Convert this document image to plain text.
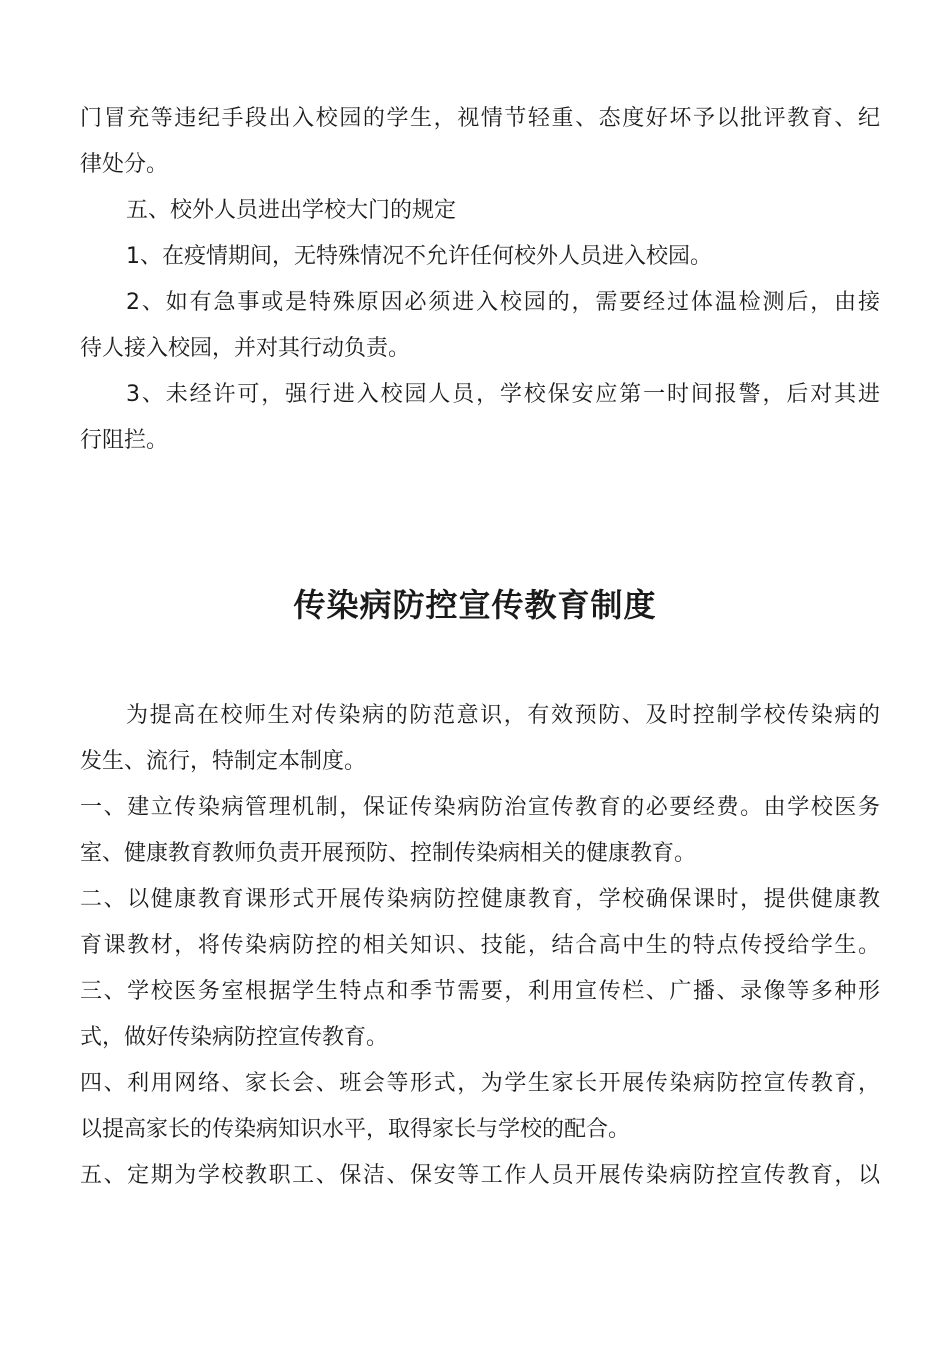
门冒充等违纪手段出入校园的学生，视情节轻重、态度好坏予以批评教育、纪
律处分。
五、校外人员进出学校大门的规定
1、在疫情期间，无特殊情况不允许任何校外人员进入校园。
2、如有急事或是特殊原因必须进入校园的，需要经过体温检测后，由接
待人接入校园，并对其行动负责。
3、未经许可，强行进入校园人员，学校保安应第一时间报警，后对其进
行阻拦。
传染病防控宣传教育制度
为提高在校师生对传染病的防范意识，有效预防、及时控制学校传染病的
发生、流行，特制定本制度。
一、建立传染病管理机制，保证传染病防治宣传教育的必要经费。由学校医务
室、健康教育教师负责开展预防、控制传染病相关的健康教育。
二、以健康教育课形式开展传染病防控健康教育，学校确保课时，提供健康教
育课教材，将传染病防控的相关知识、技能，结合高中生的特点传授给学生。
三、学校医务室根据学生特点和季节需要，利用宣传栏、广播、录像等多种形
式，做好传染病防控宣传教育。
四、利用网络、家长会、班会等形式，为学生家长开展传染病防控宣传教育，
以提高家长的传染病知识水平，取得家长与学校的配合。
五、定期为学校教职工、保洁、保安等工作人员开展传染病防控宣传教育，以
